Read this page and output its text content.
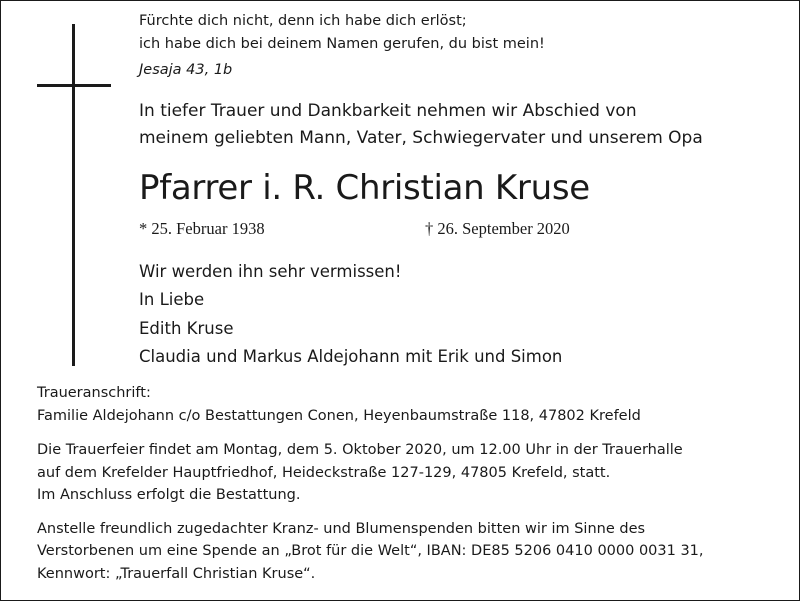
Fürchte dich nicht, denn ich habe dich erlöst;

ich habe dich bei deinem Namen gerufen, du bist mein!

Jesaja 43, 1b

In tiefer Trauer und Dankbarkeit nehmen wir Abschied von

meinem geliebten Mann, Vater, Schwiegervater und unserem Opa

Pfarrer i. R. Christian Kruse

* 25. Februar 1938	† 26. September 2020

Wir werden ihn sehr vermissen!

In Liebe

Edith Kruse

Claudia und Markus Aldejohann mit Erik und Simon

Traueranschrift:

Familie Aldejohann c/o Bestattungen Conen, Heyenbaumstraße 118, 47802 Krefeld

Die Trauerfeier findet am Montag, dem 5. Oktober 2020, um 12.00 Uhr in der Trauerhalle

auf dem Krefelder Hauptfriedhof, Heideckstraße 127-129, 47805 Krefeld, statt.

Im Anschluss erfolgt die Bestattung.

Anstelle freundlich zugedachter Kranz- und Blumenspenden bitten wir im Sinne des

Verstorbenen um eine Spende an „Brot für die Welt“, IBAN: DE85 5206 0410 0000 0031 31,

Kennwort: „Trauerfall Christian Kruse“.
